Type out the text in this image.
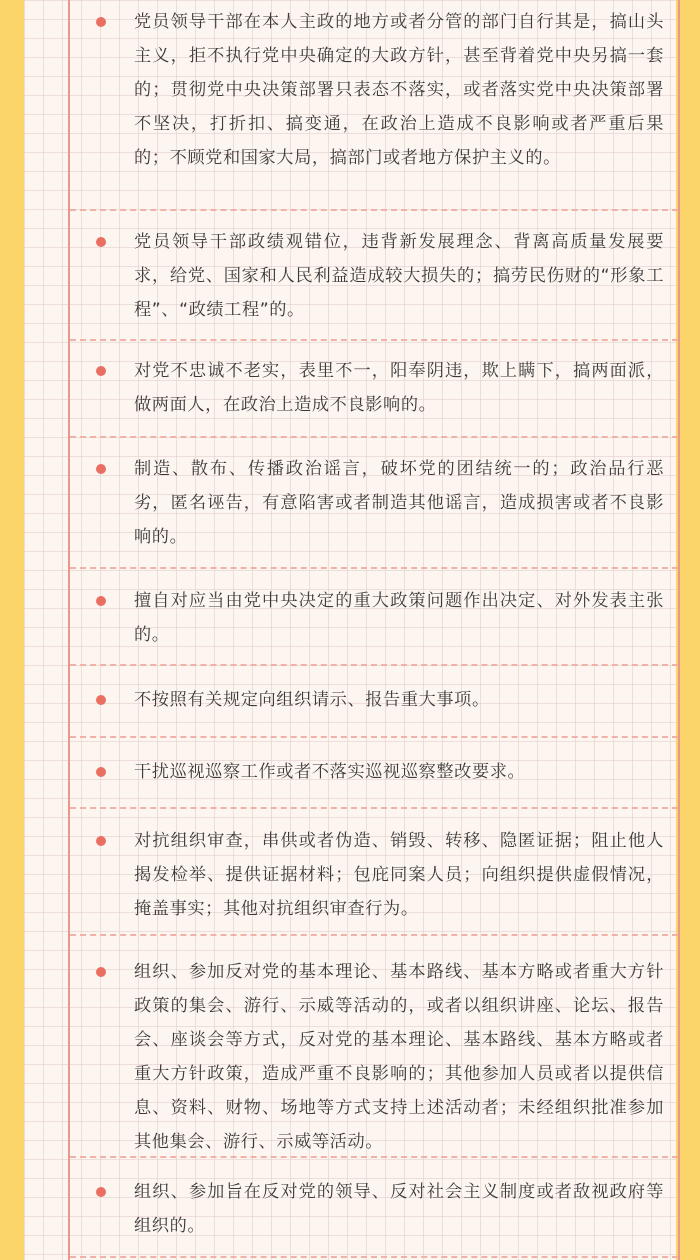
党员领导干部在本人主政的地方或者分管的部门自行其是，搞山头主义，拒不执行党中央确定的大政方针，甚至背着党中央另搞一套的；贯彻党中央决策部署只表态不落实，或者落实党中央决策部署不坚决，打折扣、搞变通，在政治上造成不良影响或者严重后果的；不顾党和国家大局，搞部门或者地方保护主义的。
党员领导干部政绩观错位，违背新发展理念、背离高质量发展要求，给党、国家和人民利益造成较大损失的；搞劳民伤财的“形象工程”、“政绩工程”的。
对党不忠诚不老实，表里不一，阳奉阴违，欺上瞒下，搞两面派，做两面人，在政治上造成不良影响的。
制造、散布、传播政治谣言，破坏党的团结统一的；政治品行恶劣，匿名诬告，有意陷害或者制造其他谣言，造成损害或者不良影响的。
擅自对应当由党中央决定的重大政策问题作出决定、对外发表主张的。
不按照有关规定向组织请示、报告重大事项。
干扰巡视巡察工作或者不落实巡视巡察整改要求。
对抗组织审查，串供或者伪造、销毁、转移、隐匿证据；阻止他人揭发检举、提供证据材料；包庇同案人员；向组织提供虚假情况，掩盖事实；其他对抗组织审查行为。
组织、参加反对党的基本理论、基本路线、基本方略或者重大方针政策的集会、游行、示威等活动的，或者以组织讲座、论坛、报告会、座谈会等方式，反对党的基本理论、基本路线、基本方略或者重大方针政策，造成严重不良影响的；其他参加人员或者以提供信息、资料、财物、场地等方式支持上述活动者；未经组织批准参加其他集会、游行、示威等活动。
组织、参加旨在反对党的领导、反对社会主义制度或者敌视政府等组织的。
